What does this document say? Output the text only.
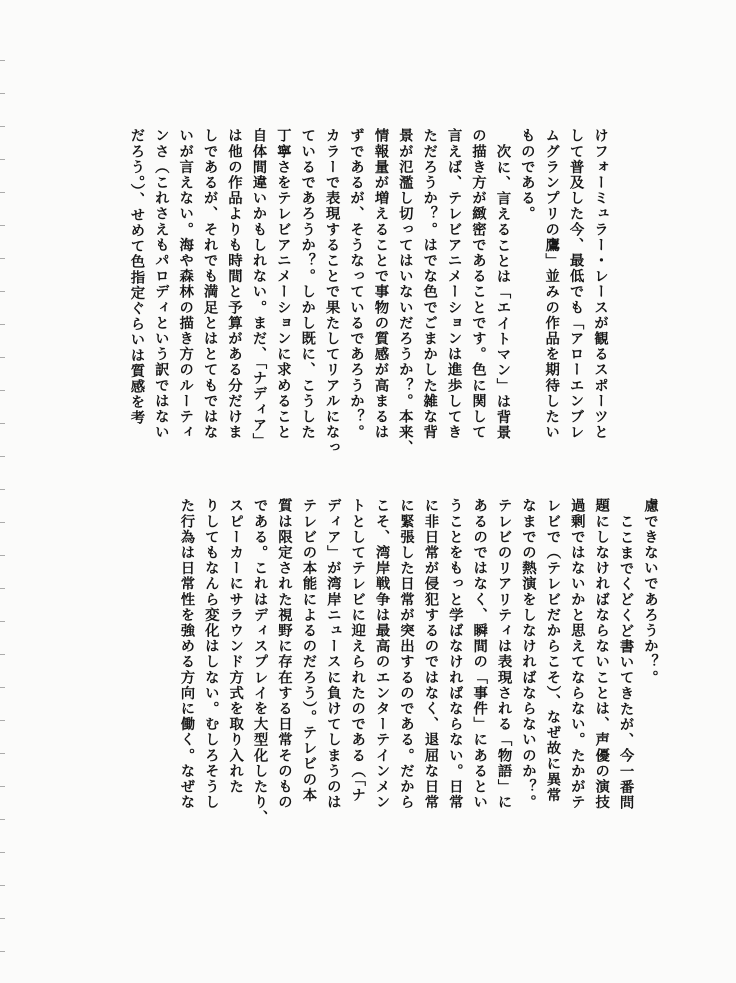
けフォーミュラー・レースが観るスポーツと
して普及した今、最低でも「アローエンブレ
ムグランプリの鷹」並みの作品を期待したい
ものである。
次に、言えることは「エイトマン」は背景
の描き方が緻密であることです。色に関して
言えば、テレビアニメーションは進歩してき
ただろうか？。はでな色でごまかした雑な背
景が氾濫し切ってはいないだろうか？。本来、
情報量が増えることで事物の質感が高まるは
ずであるが、そうなっているであろうか？。
カラーで表現することで果たしてリアルになっ
ているであろうか？。しかし既に、こうした
丁寧さをテレビアニメーションに求めること
自体間違いかもしれない。まだ、「ナディア」
は他の作品よりも時間と予算がある分だけま
しであるが、それでも満足とはとてもではな
いが言えない。海や森林の描き方のルーティ
ンさ（これさえもパロディという訳ではない
だろう。）、せめて色指定ぐらいは質感を考
慮できないであろうか？。
ここまでくどくど書いてきたが、今一番問
題にしなければならないことは、声優の演技
過剰ではないかと思えてならない。たかがテ
レビで（テレビだからこそ）、なぜ故に異常
なまでの熱演をしなければならないのか？。
テレビのリアリティは表現される「物語」に
あるのではなく、瞬間の「事件」にあるとい
うことをもっと学ばなければならない。日常
に非日常が侵犯するのではなく、退屈な日常
に緊張した日常が突出するのである。だから
こそ、湾岸戦争は最高のエンターテインメン
トとしてテレビに迎えられたのである（「ナ
ディア」が湾岸ニュースに負けてしまうのは
テレビの本能によるのだろう）。テレビの本
質は限定された視野に存在する日常そのもの
である。これはディスプレイを大型化したり、
スピーカーにサラウンド方式を取り入れた
りしてもなんら変化はしない。むしろそうし
た行為は日常性を強める方向に働く。なぜな
